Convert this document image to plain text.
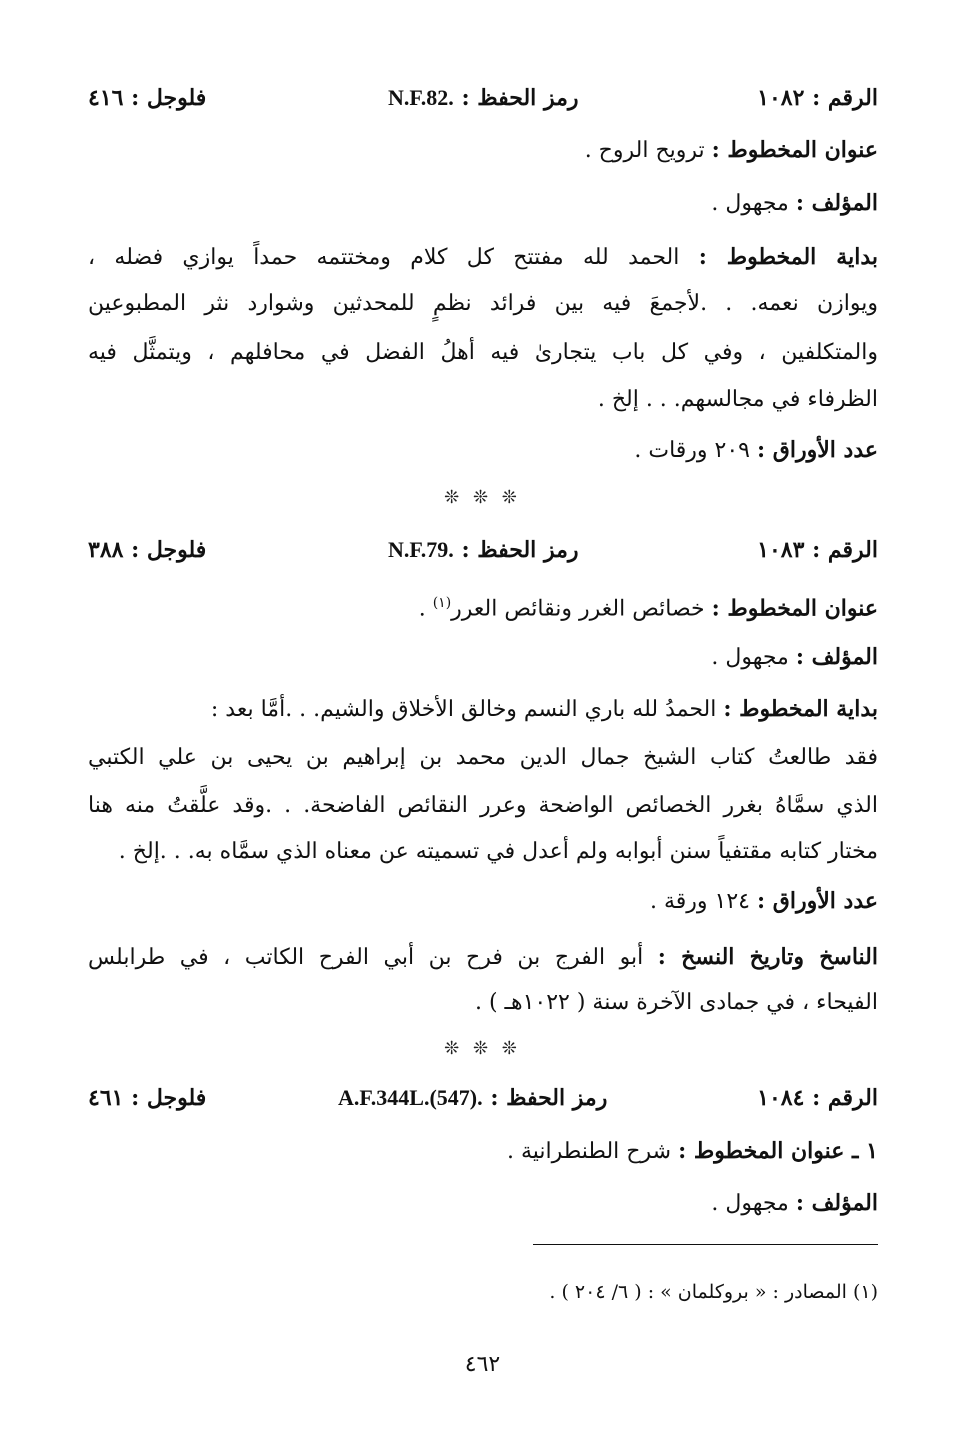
الرقم : ١٠٨٢
رمز الحفظ : N.F.82.
فلوجل : ٤١٦
عنوان المخطوط : ترويح الروح .
المؤلف : مجهول .
بداية المخطوط : الحمد لله مفتتح كل كلام ومختتمه حمداً يوازي فضله ،
ويوازن نعمه. . .لأجمعَ فيه بين فرائد نظمٍ للمحدثين وشوارد نثر المطبوعين
والمتكلفين ، وفي كل باب يتجارىٰ فيه أهلُ الفضل في محافلهم ، ويتمثَّل فيه
الظرفاء في مجالسهم. . . إلخ .
عدد الأوراق : ٢٠٩ ورقات .
❊ ❊ ❊
الرقم : ١٠٨٣
رمز الحفظ : N.F.79.
فلوجل : ٣٨٨
عنوان المخطوط : خصائص الغرر ونقائص العرر$^{(١)}$ .
المؤلف : مجهول .
بداية المخطوط : الحمدُ لله باري النسم وخالق الأخلاق والشيم. . .أمَّا بعد :
فقد طالعتُ كتاب الشيخ جمال الدين محمد بن إبراهيم بن يحيى بن علي الكتبي
الذي سمَّاهُ بغرر الخصائص الواضحة وعرر النقائص الفاضحة. . .وقد علَّقتُ منه هنا
مختار كتابه مقتفياً سنن أبوابه ولم أعدل في تسميته عن معناه الذي سمَّاه به. . .إلخ .
عدد الأوراق : ١٢٤ ورقة .
الناسخ وتاريخ النسخ : أبو الفرج بن فرح بن أبي الفرح الكاتب ، في طرابلس
الفيحاء ، في جمادى الآخرة سنة ( ١٠٢٢هـ ) .
❊ ❊ ❊
الرقم : ١٠٨٤
رمز الحفظ : A.F.344L.(547).
فلوجل : ٤٦١
١ ـ عنوان المخطوط : شرح الطنطرانية .
المؤلف : مجهول .
(١) المصادر : « بروكلمان » : ( ٦/ ٢٠٤ ) .
٤٦٢
